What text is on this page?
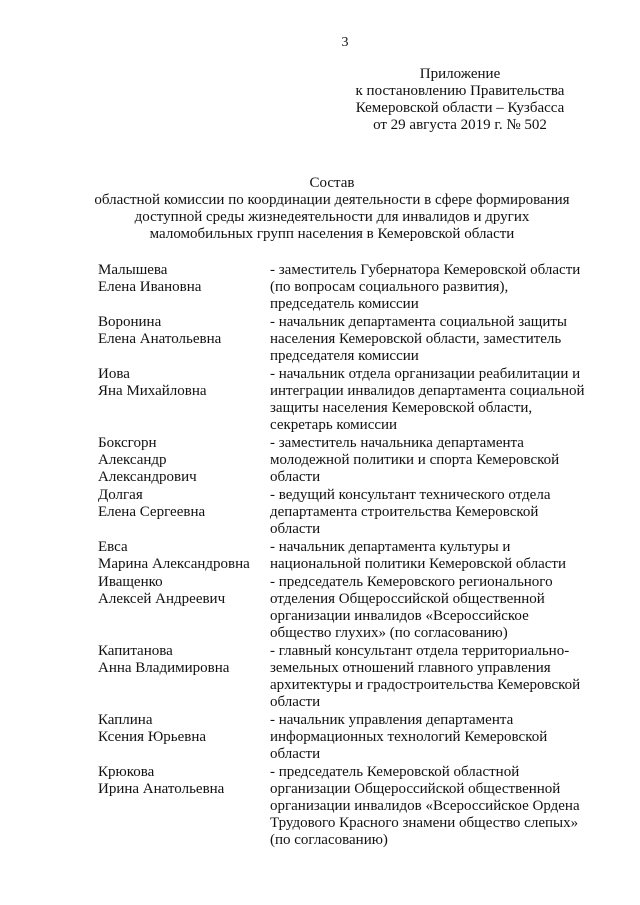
3
Приложение
к постановлению Правительства
Кемеровской области – Кузбасса
от 29 августа 2019 г. № 502
Состав
областной комиссии по координации деятельности в сфере формирования
доступной среды жизнедеятельности для инвалидов и других
маломобильных групп населения в Кемеровской области
Малышева
Елена Ивановна
- заместитель Губернатора Кемеровской области
(по вопросам социального развития),
председатель комиссии
Воронина
Елена Анатольевна
- начальник департамента социальной защиты
населения Кемеровской области, заместитель
председателя комиссии
Иова
Яна Михайловна
- начальник отдела организации реабилитации и
интеграции инвалидов департамента социальной
защиты населения Кемеровской области,
секретарь комиссии
Боксгорн
Александр
Александрович
- заместитель начальника департамента
молодежной политики и спорта Кемеровской
области
Долгая
Елена Сергеевна
- ведущий консультант технического отдела
департамента строительства Кемеровской
области
Евса
Марина Александровна
- начальник департамента культуры и
национальной политики Кемеровской области
Иващенко
Алексей Андреевич
- председатель Кемеровского регионального
отделения Общероссийской общественной
организации инвалидов «Всероссийское
общество глухих» (по согласованию)
Капитанова
Анна Владимировна
- главный консультант отдела территориально-
земельных отношений главного управления
архитектуры и градостроительства Кемеровской
области
Каплина
Ксения Юрьевна
- начальник управления департамента
информационных технологий Кемеровской
области
Крюкова
Ирина Анатольевна
- председатель Кемеровской областной
организации Общероссийской общественной
организации инвалидов «Всероссийское Ордена
Трудового Красного знамени общество слепых»
(по согласованию)
